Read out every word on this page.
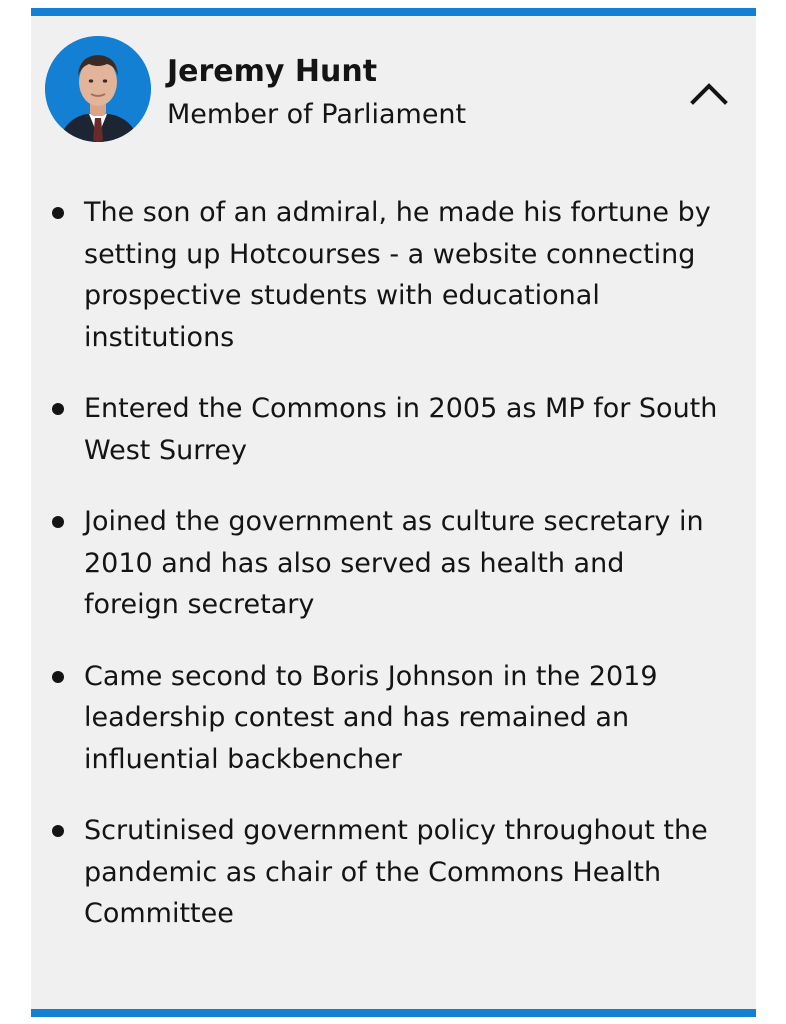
Jeremy Hunt
Member of Parliament
The son of an admiral, he made his fortune by setting up Hotcourses - a website connecting prospective students with educational institutions
Entered the Commons in 2005 as MP for South West Surrey
Joined the government as culture secretary in 2010 and has also served as health and foreign secretary
Came second to Boris Johnson in the 2019 leadership contest and has remained an influential backbencher
Scrutinised government policy throughout the pandemic as chair of the Commons Health Committee
